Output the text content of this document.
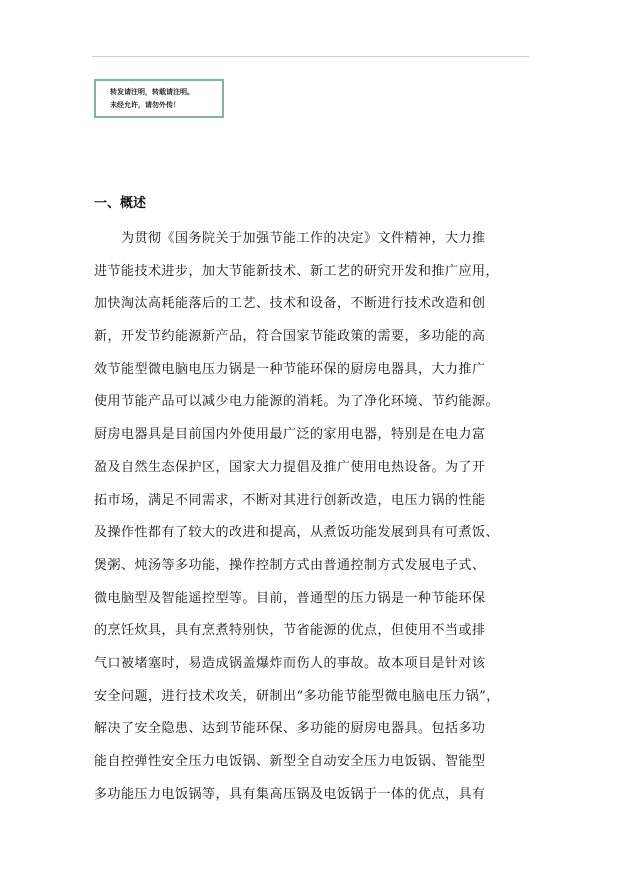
转发请注明，转载请注明。
未经允许，请勿外传！
一、概述
为贯彻《国务院关于加强节能工作的决定》文件精神，大力推
进节能技术进步，加大节能新技术、新工艺的研究开发和推广应用，
加快淘汰高耗能落后的工艺、技术和设备，不断进行技术改造和创
新，开发节约能源新产品，符合国家节能政策的需要，多功能的高
效节能型微电脑电压力锅是一种节能环保的厨房电器具，大力推广
使用节能产品可以减少电力能源的消耗。为了净化环境、节约能源。
厨房电器具是目前国内外使用最广泛的家用电器，特别是在电力富
盈及自然生态保护区，国家大力提倡及推广使用电热设备。为了开
拓市场，满足不同需求，不断对其进行创新改造，电压力锅的性能
及操作性都有了较大的改进和提高，从煮饭功能发展到具有可煮饭、
煲粥、炖汤等多功能，操作控制方式由普通控制方式发展电子式、
微电脑型及智能遥控型等。目前，普通型的压力锅是一种节能环保
的烹饪炊具，具有烹煮特别快，节省能源的优点，但使用不当或排
气口被堵塞时，易造成锅盖爆炸而伤人的事故。故本项目是针对该
安全问题，进行技术攻关，研制出“多功能节能型微电脑电压力锅”，
解决了安全隐患、达到节能环保、多功能的厨房电器具。包括多功
能自控弹性安全压力电饭锅、新型全自动安全压力电饭锅、智能型
多功能压力电饭锅等，具有集高压锅及电饭锅于一体的优点，具有
